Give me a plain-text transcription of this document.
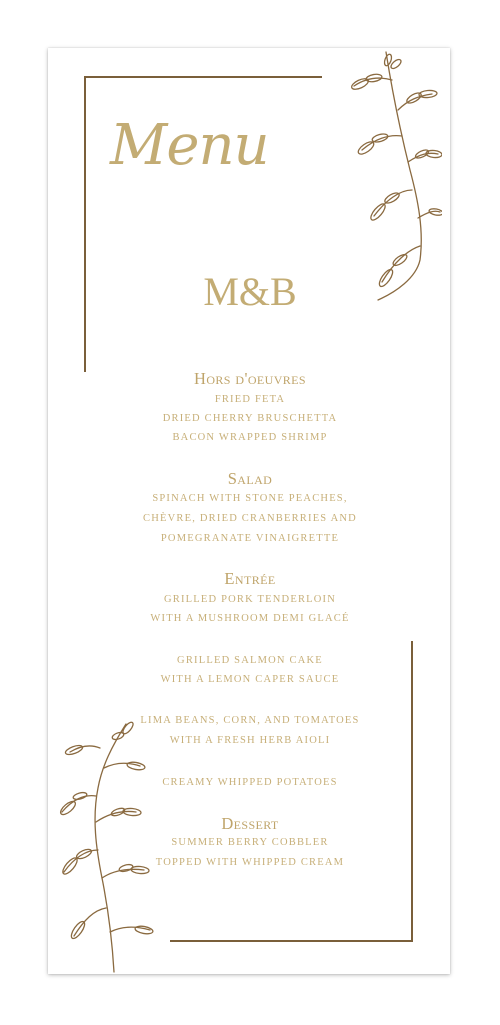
Menu
M&B
Hors d'oeuvres
FRIED FETA
DRIED CHERRY BRUSCHETTA
BACON WRAPPED SHRIMP
Salad
SPINACH WITH STONE PEACHES,
CHÈVRE, DRIED CRANBERRIES AND
POMEGRANATE VINAIGRETTE
Entrée
GRILLED PORK TENDERLOIN
WITH A MUSHROOM DEMI GLACÉ
GRILLED SALMON CAKE
WITH A LEMON CAPER SAUCE
LIMA BEANS, CORN, AND TOMATOES
WITH A FRESH HERB AIOLI
CREAMY WHIPPED POTATOES
Dessert
SUMMER BERRY COBBLER
TOPPED WITH WHIPPED CREAM
